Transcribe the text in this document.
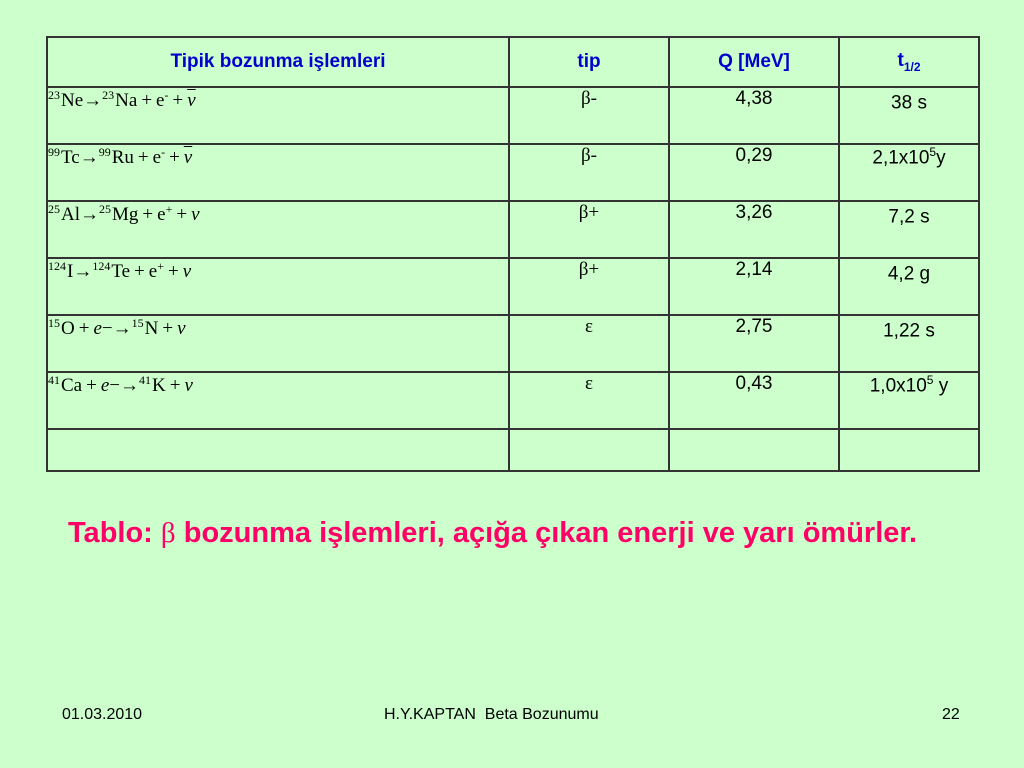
Tipik bozunma işlemleri	tip	Q [MeV]	$t_{1/2}$
$^{23}Ne\to^{23}Na + e^- + \overline{\nu}$	β-	4,38	38 s
$^{99}Tc\to^{99}Ru + e^- + \overline{\nu}$	β-	0,29	$2,1x10^5y$
$^{25}$Al→$^{25}$Mg + e+ + ν	β+	3,26	7,2 s
$^{124}$I→$^{124}$Te + e+ + ν	β+	2,14	4,2 g
$^{15}$O + e−→$^{15}$N + ν	ε	2,75	1,22 s
$^{41}$Ca + e−→$^{41}$K + ν	ε	0,43	$1,0x10^5$ y

Tablo: β bozunma işlemleri, açığa çıkan enerji ve yarı ömürler.
01.03.2010	H.Y.KAPTAN  Beta Bozunumu	22
